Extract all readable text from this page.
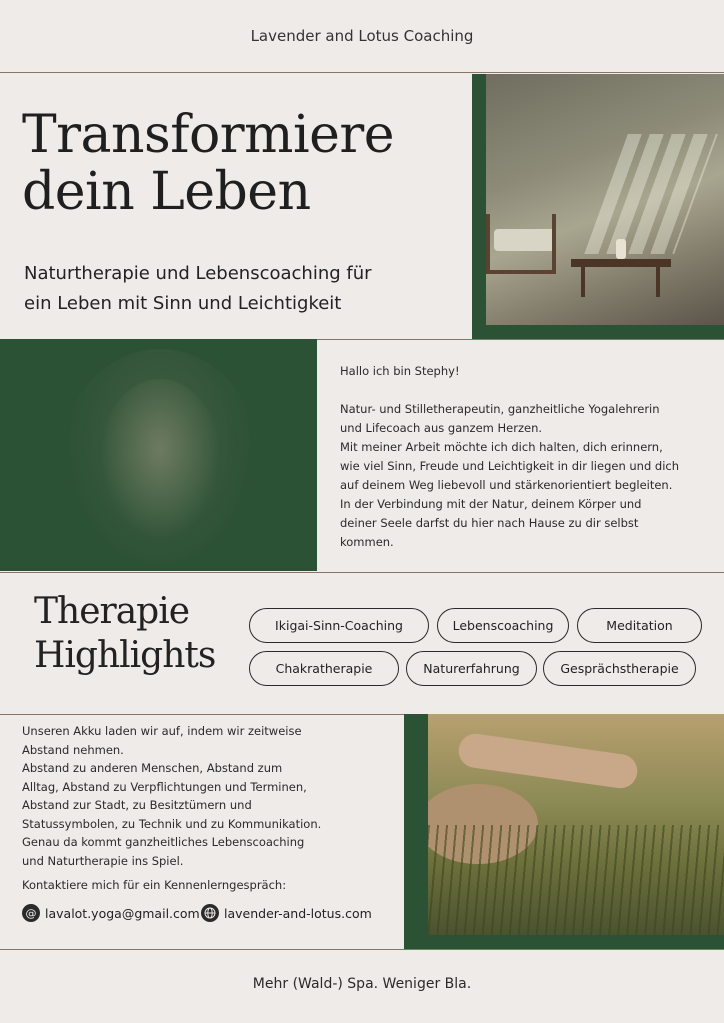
Lavender and Lotus Coaching
Transformiere
dein Leben
Naturtherapie und Lebenscoaching für
ein Leben mit Sinn und Leichtigkeit

Hallo ich bin Stephy!

Natur- und Stilletherapeutin, ganzheitliche Yogalehrerin

und Lifecoach aus ganzem Herzen.

Mit meiner Arbeit möchte ich dich halten, dich erinnern,

wie viel Sinn, Freude und Leichtigkeit in dir liegen und dich

auf deinem Weg liebevoll und stärkenorientiert begleiten.

In der Verbindung mit der Natur, deinem Körper und

deiner Seele darfst du hier nach Hause zu dir selbst

kommen.

Therapie
Highlights
Ikigai-Sinn-Coaching	Lebenscoaching	Meditation
Chakratherapie	Naturerfahrung	Gesprächstherapie
Unseren Akku laden wir auf, indem wir zeitweise
Abstand nehmen.
Abstand zu anderen Menschen, Abstand zum
Alltag, Abstand zu Verpflichtungen und Terminen,
Abstand zur Stadt, zu Besitztümern und
Statussymbolen, zu Technik und zu Kommunikation.
Genau da kommt ganzheitliches Lebenscoaching
und Naturtherapie ins Spiel.
Kontaktiere mich für ein Kennenlerngespräch:
@ lavalot.yoga@gmail.com lavender-and-lotus.com
Mehr (Wald-) Spa. Weniger Bla.
